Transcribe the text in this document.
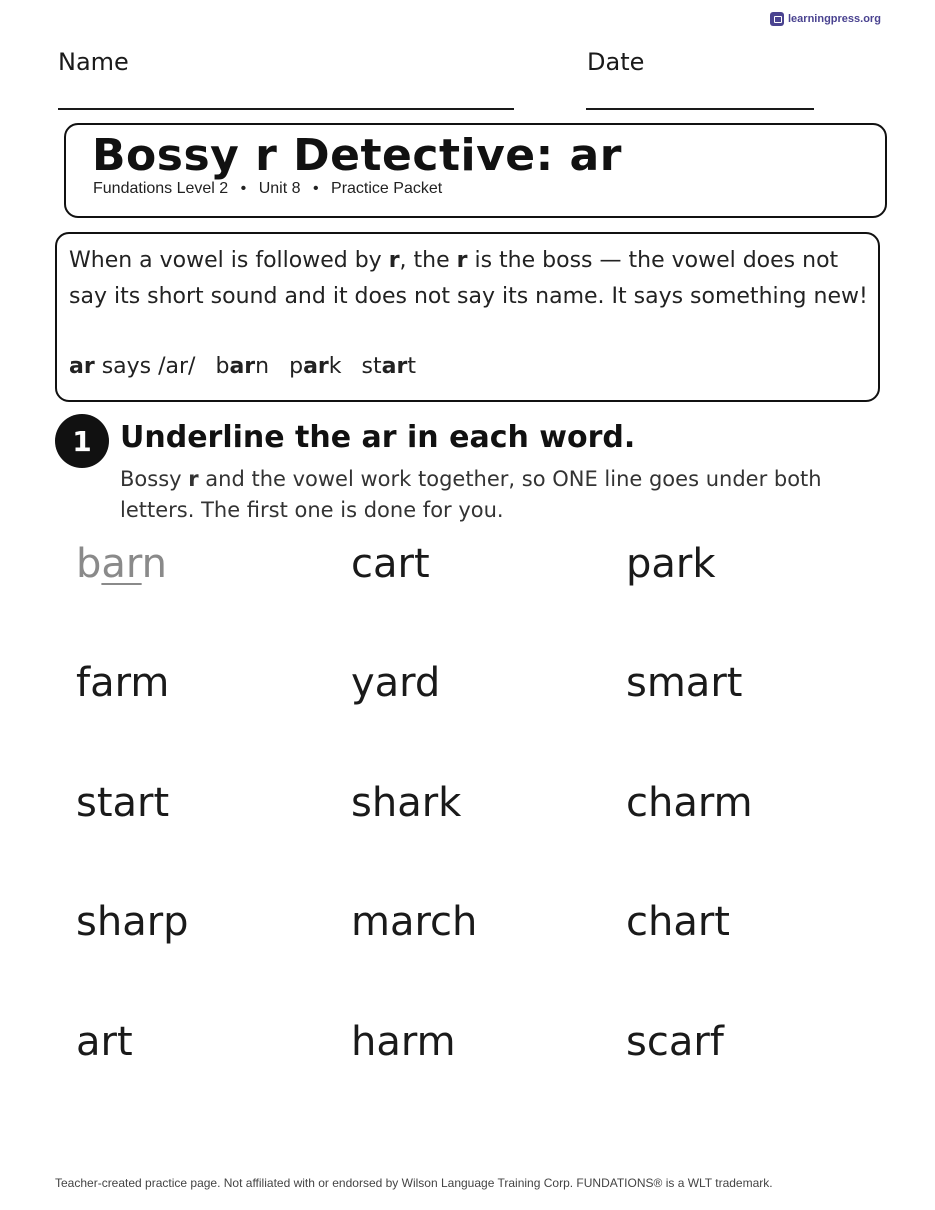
learningpress.org
Name	Date
Bossy r Detective: ar
Fundations Level 2 • Unit 8 • Practice Packet
When a vowel is followed by r, the r is the boss — the vowel does not say its short sound and it does not say its name. It says something new!
ar says /ar/ barn park start
1 Underline the ar in each word.
Bossy r and the vowel work together, so ONE line goes under both letters. The first one is done for you.
barn	cart	park
farm	yard	smart
start	shark	charm
sharp	march	chart
art	harm	scarf
Teacher-created practice page. Not affiliated with or endorsed by Wilson Language Training Corp. FUNDATIONS® is a WLT trademark.
